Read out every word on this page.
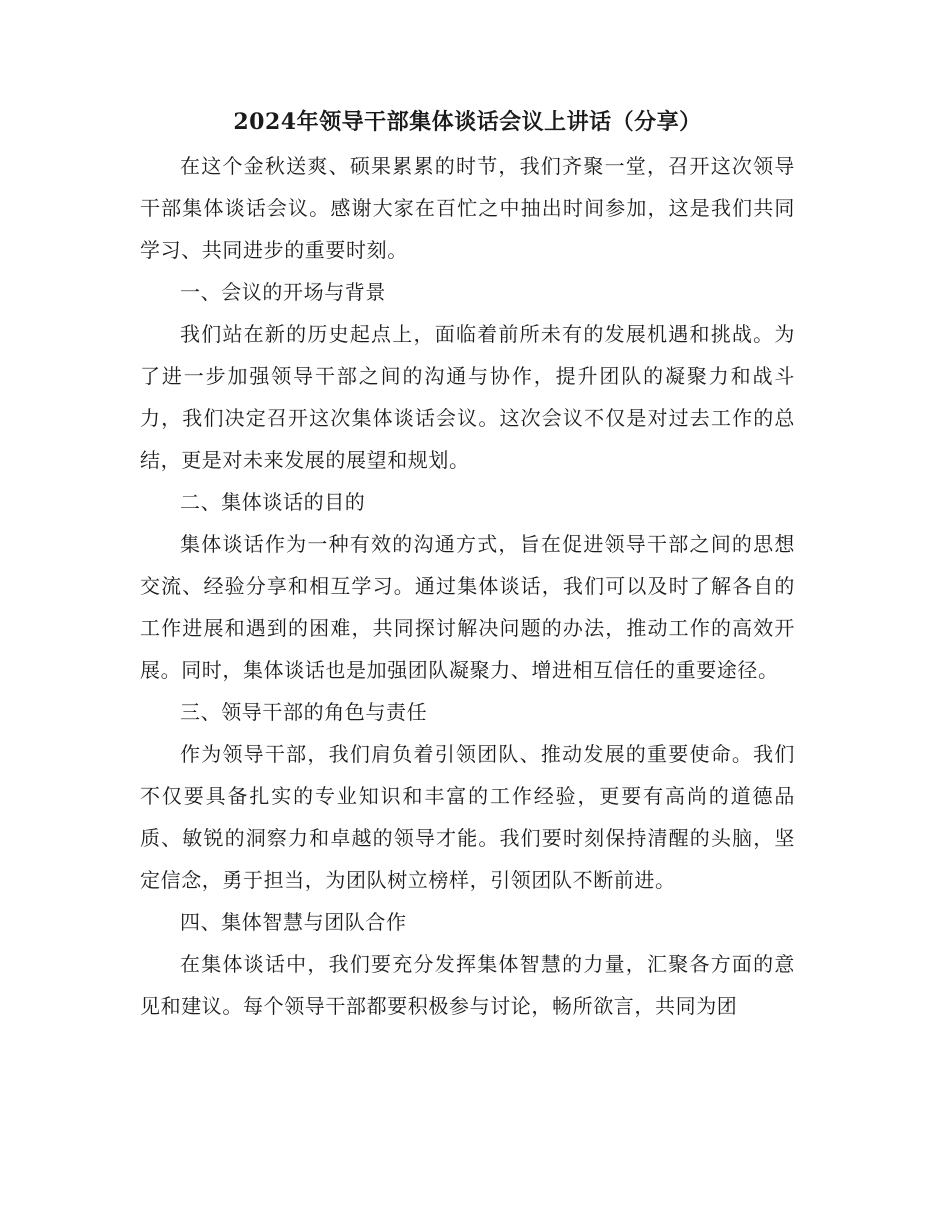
2024年领导干部集体谈话会议上讲话（分享）

在这个金秋送爽、硕果累累的时节，我们齐聚一堂，召开这次领导干部集体谈话会议。感谢大家在百忙之中抽出时间参加，这是我们共同学习、共同进步的重要时刻。

一、会议的开场与背景

我们站在新的历史起点上，面临着前所未有的发展机遇和挑战。为了进一步加强领导干部之间的沟通与协作，提升团队的凝聚力和战斗力，我们决定召开这次集体谈话会议。这次会议不仅是对过去工作的总结，更是对未来发展的展望和规划。

二、集体谈话的目的

集体谈话作为一种有效的沟通方式，旨在促进领导干部之间的思想交流、经验分享和相互学习。通过集体谈话，我们可以及时了解各自的工作进展和遇到的困难，共同探讨解决问题的办法，推动工作的高效开展。同时，集体谈话也是加强团队凝聚力、增进相互信任的重要途径。

三、领导干部的角色与责任

作为领导干部，我们肩负着引领团队、推动发展的重要使命。我们不仅要具备扎实的专业知识和丰富的工作经验，更要有高尚的道德品质、敏锐的洞察力和卓越的领导才能。我们要时刻保持清醒的头脑，坚定信念，勇于担当，为团队树立榜样，引领团队不断前进。

四、集体智慧与团队合作

在集体谈话中，我们要充分发挥集体智慧的力量，汇聚各方面的意见和建议。每个领导干部都要积极参与讨论，畅所欲言，共同为团
